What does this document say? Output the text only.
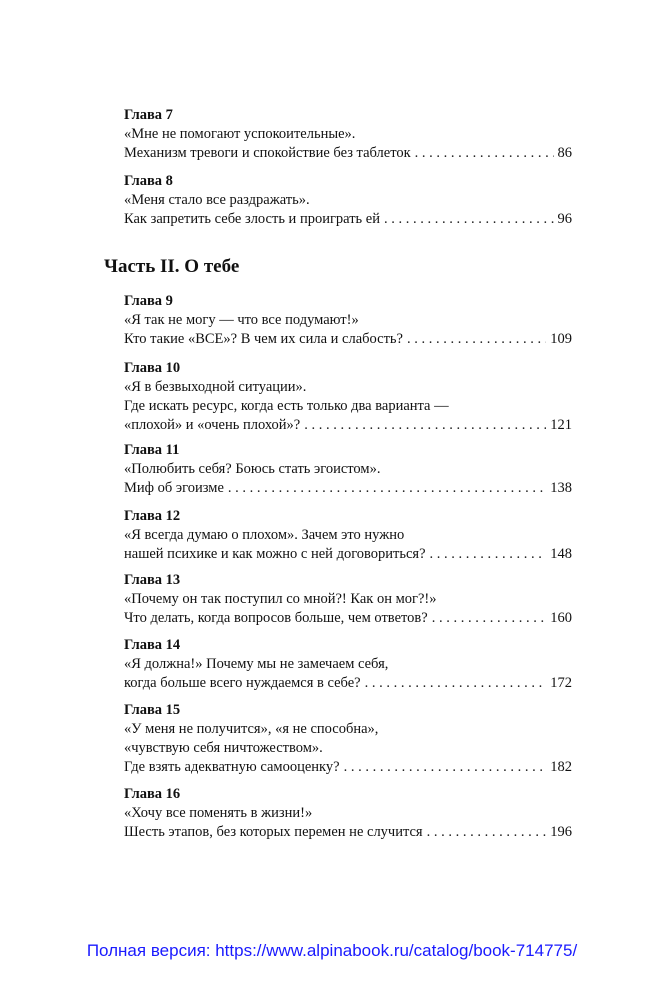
Глава 7
«Мне не помогают успокоительные».
Механизм тревоги и спокойствие без таблеток . . .	86
Глава 8
«Меня стало все раздражать».
Как запретить себе злость и проиграть ей . . .	96
Часть II. О тебе
Глава 9
«Я так не могу — что все подумают!»
Кто такие «ВСЕ»? В чем их сила и слабость? . . .	109
Глава 10
«Я в безвыходной ситуации».
Где искать ресурс, когда есть только два варианта —
«плохой» и «очень плохой»? . . .	121
Глава 11
«Полюбить себя? Боюсь стать эгоистом».
Миф об эгоизме . . .	138
Глава 12
«Я всегда думаю о плохом». Зачем это нужно
нашей психике и как можно с ней договориться? . . .	148
Глава 13
«Почему он так поступил со мной?! Как он мог?!»
Что делать, когда вопросов больше, чем ответов? . . .	160
Глава 14
«Я должна!» Почему мы не замечаем себя,
когда больше всего нуждаемся в себе? . . .	172
Глава 15
«У меня не получится», «я не способна»,
«чувствую себя ничтожеством».
Где взять адекватную самооценку? . . .	182
Глава 16
«Хочу все поменять в жизни!»
Шесть этапов, без которых перемен не случится . . .	196
Полная версия: https://www.alpinabook.ru/catalog/book-714775/
